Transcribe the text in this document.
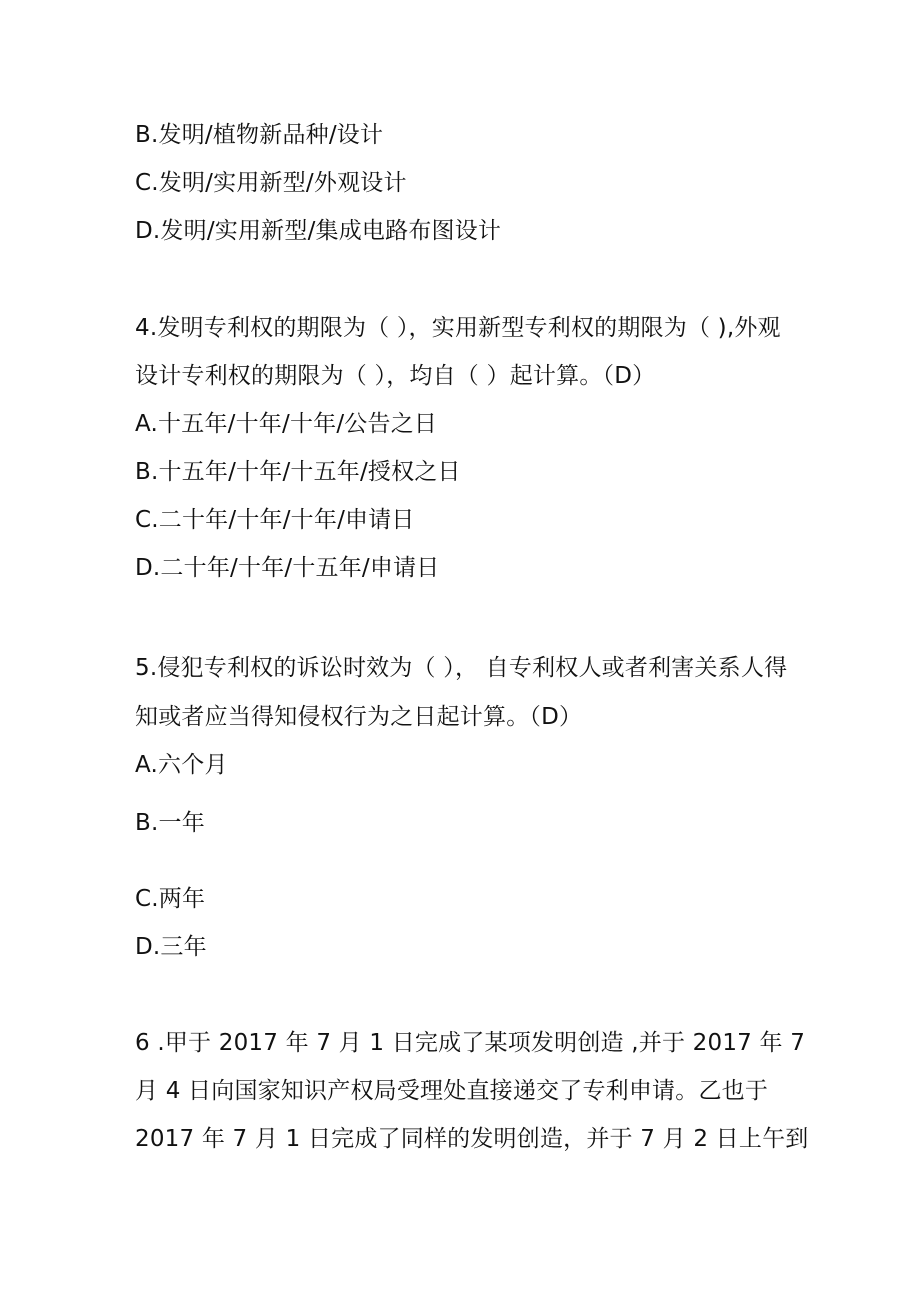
B.发明/植物新品种/设计
C.发明/实用新型/外观设计
D.发明/实用新型/集成电路布图设计
4.发明专利权的期限为（ ），实用新型专利权的期限为（ ),外观
设计专利权的期限为（ ），均自（ ）起计算。（D）
A.十五年/十年/十年/公告之日
B.十五年/十年/十五年/授权之日
C.二十年/十年/十年/申请日
D.二十年/十年/十五年/申请日
5.侵犯专利权的诉讼时效为（ ）， 自专利权人或者利害关系人得
知或者应当得知侵权行为之日起计算。（D）
A.六个月
B.一年
C.两年
D.三年
6 .甲于 2017 年 7 月 1 日完成了某项发明创造 ,并于 2017 年 7
月 4 日向国家知识产权局受理处直接递交了专利申请。乙也于
2017 年 7 月 1 日完成了同样的发明创造，并于 7 月 2 日上午到
